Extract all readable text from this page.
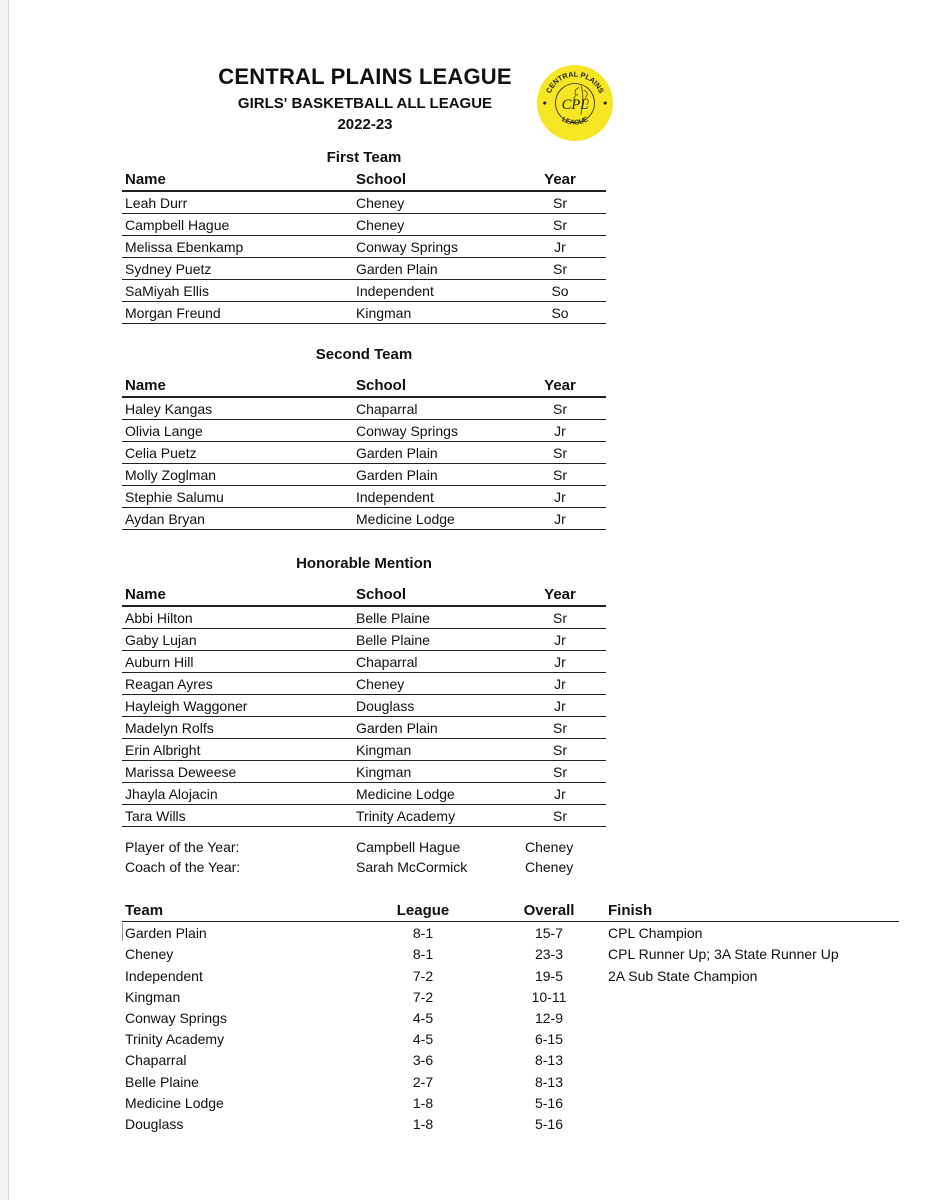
CENTRAL PLAINS LEAGUE
GIRLS' BASKETBALL ALL LEAGUE
2022-23
CENTRAL PLAINS
CPL
LEAGUE
First Team
Name	School	Year
Leah Durr	Cheney	Sr
Campbell Hague	Cheney	Sr
Melissa Ebenkamp	Conway Springs	Jr
Sydney Puetz	Garden Plain	Sr
SaMiyah Ellis	Independent	So
Morgan Freund	Kingman	So
Second Team
Name	School	Year
Haley Kangas	Chaparral	Sr
Olivia Lange	Conway Springs	Jr
Celia Puetz	Garden Plain	Sr
Molly Zoglman	Garden Plain	Sr
Stephie Salumu	Independent	Jr
Aydan Bryan	Medicine Lodge	Jr
Honorable Mention
Name	School	Year
Abbi Hilton	Belle Plaine	Sr
Gaby Lujan	Belle Plaine	Jr
Auburn Hill	Chaparral	Jr
Reagan Ayres	Cheney	Jr
Hayleigh Waggoner	Douglass	Jr
Madelyn Rolfs	Garden Plain	Sr
Erin Albright	Kingman	Sr
Marissa Deweese	Kingman	Sr
Jhayla Alojacin	Medicine Lodge	Jr
Tara Wills	Trinity Academy	Sr
Player of the Year:	Campbell Hague	Cheney
Coach of the Year:	Sarah McCormick	Cheney
Team	League	Overall	Finish
Garden Plain	8-1	15-7	CPL Champion
Cheney	8-1	23-3	CPL Runner Up; 3A State Runner Up
Independent	7-2	19-5	2A Sub State Champion
Kingman	7-2	10-11
Conway Springs	4-5	12-9
Trinity Academy	4-5	6-15
Chaparral	3-6	8-13
Belle Plaine	2-7	8-13
Medicine Lodge	1-8	5-16
Douglass	1-8	5-16
